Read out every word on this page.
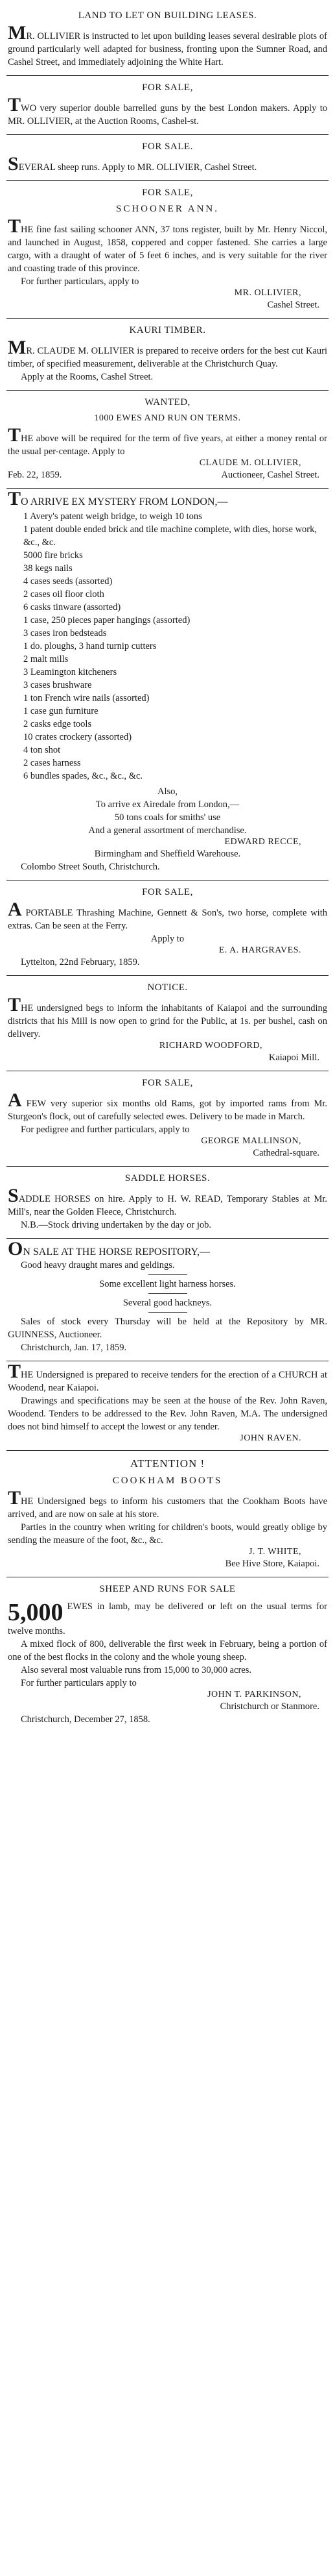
LAND TO LET ON BUILDING LEASES.

MR. OLLIVIER is instructed to let upon building leases several desirable plots of ground particularly well adapted for business, fronting upon the Sumner Road, and Cashel Street, and immediately adjoining the White Hart.

FOR SALE,

TWO very superior double barrelled guns by the best London makers. Apply to MR. OLLIVIER, at the Auction Rooms, Cashel-st.

FOR SALE.

SEVERAL sheep runs. Apply to MR. OLLIVIER, Cashel Street.

FOR SALE,
SCHOONER ANN.

THE fine fast sailing schooner ANN, 37 tons register, built by Mr. Henry Niccol, and launched in August, 1858, coppered and copper fastened. She carries a large cargo, with a draught of water of 5 feet 6 inches, and is very suitable for the river and coasting trade of this province.

For further particulars, apply to

MR. OLLIVIER,

Cashel Street.

KAURI TIMBER.

MR. CLAUDE M. OLLIVIER is prepared to receive orders for the best cut Kauri timber, of specified measurement, deliverable at the Christchurch Quay.

Apply at the Rooms, Cashel Street.

WANTED,
1000 EWES AND RUN ON TERMS.

THE above will be required for the term of five years, at either a money rental or the usual per-centage. Apply to

CLAUDE M. OLLIVIER,

Feb. 22, 1859.	Auctioneer, Cashel Street.

TO ARRIVE EX MYSTERY FROM LONDON,—

1 Avery's patent weigh bridge, to weigh 10 tons
1 patent double ended brick and tile machine complete, with dies, horse work, &c., &c.
5000 fire bricks
38 kegs nails
4 cases seeds (assorted)
2 cases oil floor cloth
6 casks tinware (assorted)
1 case, 250 pieces paper hangings (assorted)
3 cases iron bedsteads
1 do. ploughs, 3 hand turnip cutters
2 malt mills
3 Leamington kitcheners
3 cases brushware
1 ton French wire nails (assorted)
1 case gun furniture
2 casks edge tools
10 crates crockery (assorted)
4 ton shot
2 cases harness
6 bundles spades, &c., &c., &c.

Also,

To arrive ex Airedale from London,—

50 tons coals for smiths' use

And a general assortment of merchandise.

EDWARD RECCE,

Birmingham and Sheffield Warehouse.

Colombo Street South, Christchurch.

FOR SALE,

A PORTABLE Thrashing Machine, Gennett & Son's, two horse, complete with extras. Can be seen at the Ferry.

Apply to

E. A. HARGRAVES.

Lyttelton, 22nd February, 1859.

NOTICE.

THE undersigned begs to inform the inhabitants of Kaiapoi and the surrounding districts that his Mill is now open to grind for the Public, at 1s. per bushel, cash on delivery.

RICHARD WOODFORD,

Kaiapoi Mill.

FOR SALE,

A FEW very superior six months old Rams, got by imported rams from Mr. Sturgeon's flock, out of carefully selected ewes. Delivery to be made in March.

For pedigree and further particulars, apply to

GEORGE MALLINSON,

Cathedral-square.

SADDLE HORSES.

SADDLE HORSES on hire. Apply to H. W. READ, Temporary Stables at Mr. Mill's, near the Golden Fleece, Christchurch.

N.B.—Stock driving undertaken by the day or job.

ON SALE AT THE HORSE REPOSITORY,—

Good heavy draught mares and geldings.

Some excellent light harness horses.

Several good hackneys.

Sales of stock every Thursday will be held at the Repository by MR. GUINNESS, Auctioneer.

Christchurch, Jan. 17, 1859.

THE Undersigned is prepared to receive tenders for the erection of a CHURCH at Woodend, near Kaiapoi.

Drawings and specifications may be seen at the house of the Rev. John Raven, Woodend. Tenders to be addressed to the Rev. John Raven, M.A. The undersigned does not bind himself to accept the lowest or any tender.

JOHN RAVEN.
ATTENTION !
COOKHAM BOOTS

THE Undersigned begs to inform his customers that the Cookham Boots have arrived, and are now on sale at his store.

Parties in the country when writing for children's boots, would greatly oblige by sending the measure of the foot, &c., &c.

J. T. WHITE,

Bee Hive Store, Kaiapoi.

SHEEP AND RUNS FOR SALE

5,000 EWES in lamb, may be delivered or left on the usual terms for twelve months.

A mixed flock of 800, deliverable the first week in February, being a portion of one of the best flocks in the colony and the whole young sheep.

Also several most valuable runs from 15,000 to 30,000 acres.

For further particulars apply to

JOHN T. PARKINSON,

Christchurch or Stanmore.

Christchurch, December 27, 1858.
